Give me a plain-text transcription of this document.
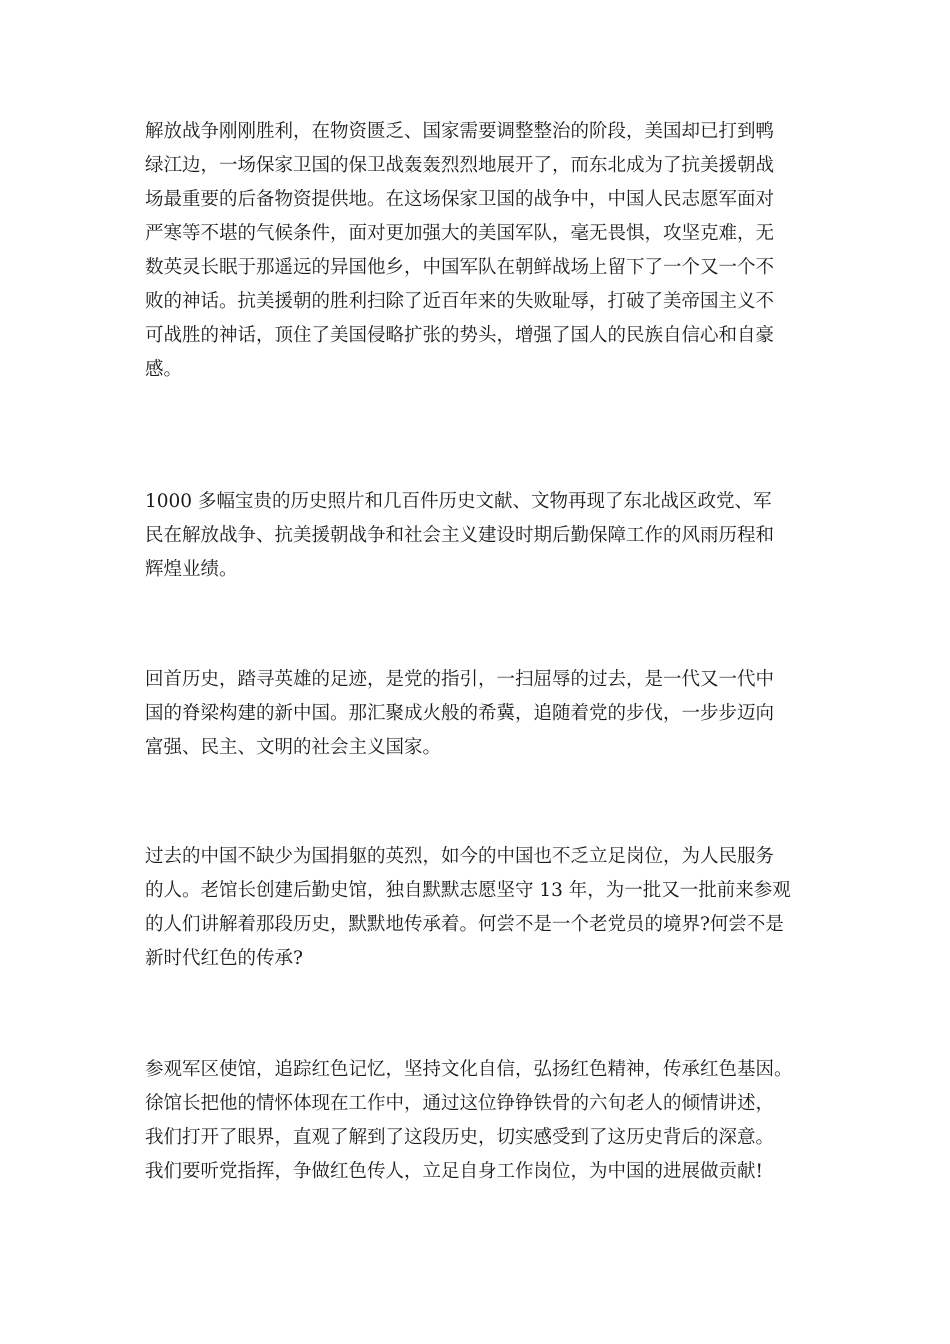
解放战争刚刚胜利，在物资匮乏、国家需要调整整治的阶段，美国却已打到鸭
绿江边，一场保家卫国的保卫战轰轰烈烈地展开了，而东北成为了抗美援朝战
场最重要的后备物资提供地。在这场保家卫国的战争中，中国人民志愿军面对
严寒等不堪的气候条件，面对更加强大的美国军队，毫无畏惧，攻坚克难，无
数英灵长眠于那遥远的异国他乡，中国军队在朝鲜战场上留下了一个又一个不
败的神话。抗美援朝的胜利扫除了近百年来的失败耻辱，打破了美帝国主义不
可战胜的神话，顶住了美国侵略扩张的势头，增强了国人的民族自信心和自豪
感。
1000 多幅宝贵的历史照片和几百件历史文献、文物再现了东北战区政党、军
民在解放战争、抗美援朝战争和社会主义建设时期后勤保障工作的风雨历程和
辉煌业绩。
回首历史，踏寻英雄的足迹，是党的指引，一扫屈辱的过去，是一代又一代中
国的脊梁构建的新中国。那汇聚成火般的希冀，追随着党的步伐，一步步迈向
富强、民主、文明的社会主义国家。
过去的中国不缺少为国捐躯的英烈，如今的中国也不乏立足岗位，为人民服务
的人。老馆长创建后勤史馆，独自默默志愿坚守 13 年，为一批又一批前来参观
的人们讲解着那段历史，默默地传承着。何尝不是一个老党员的境界?何尝不是
新时代红色的传承?
参观军区使馆，追踪红色记忆，坚持文化自信，弘扬红色精神，传承红色基因。
徐馆长把他的情怀体现在工作中，通过这位铮铮铁骨的六旬老人的倾情讲述，
我们打开了眼界，直观了解到了这段历史，切实感受到了这历史背后的深意。
我们要听党指挥，争做红色传人，立足自身工作岗位，为中国的进展做贡献!
